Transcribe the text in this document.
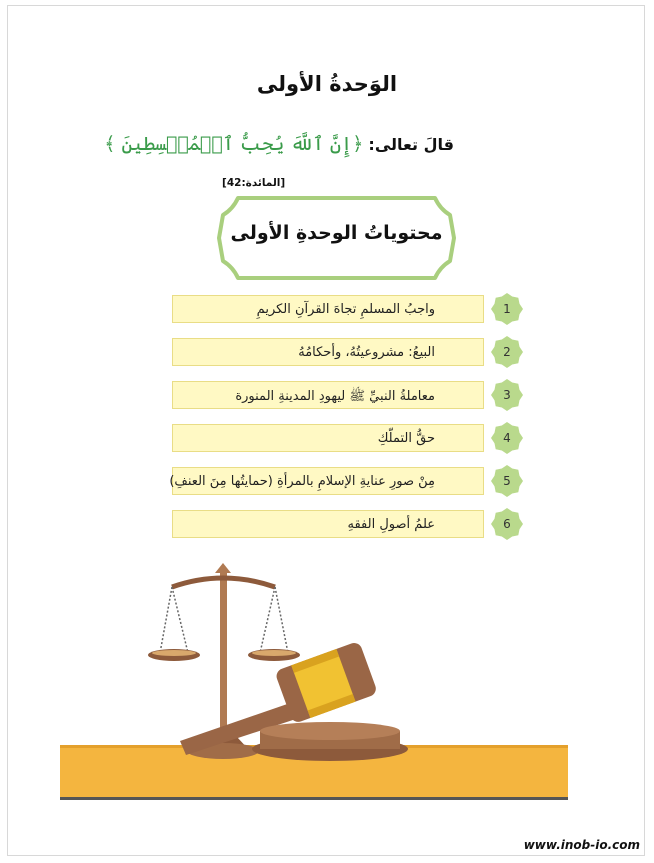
الوَحدةُ الأولى
قالَ تعالى: ﴿إِنَّ ٱللَّهَ يُحِبُّ ٱلۡمُقۡسِطِينَ ﴾
[المائدة:42]
محتوياتُ الوحدةِ الأولى
واجبُ المسلمِ تجاهَ القرآنِ الكريمِ	1
البيعُ: مشروعيتُهُ، وأحكامُهُ	2
معاملةُ النبيِّ ﷺ ليهودِ المدينةِ المنورة	3
حقُّ التملّكِ	4
مِنْ صورِ عنايةِ الإسلامِ بالمرأةِ (حمايتُها مِنَ العنفِ)	5
علمُ أصولِ الفقهِ	6
www.inob-io.com
